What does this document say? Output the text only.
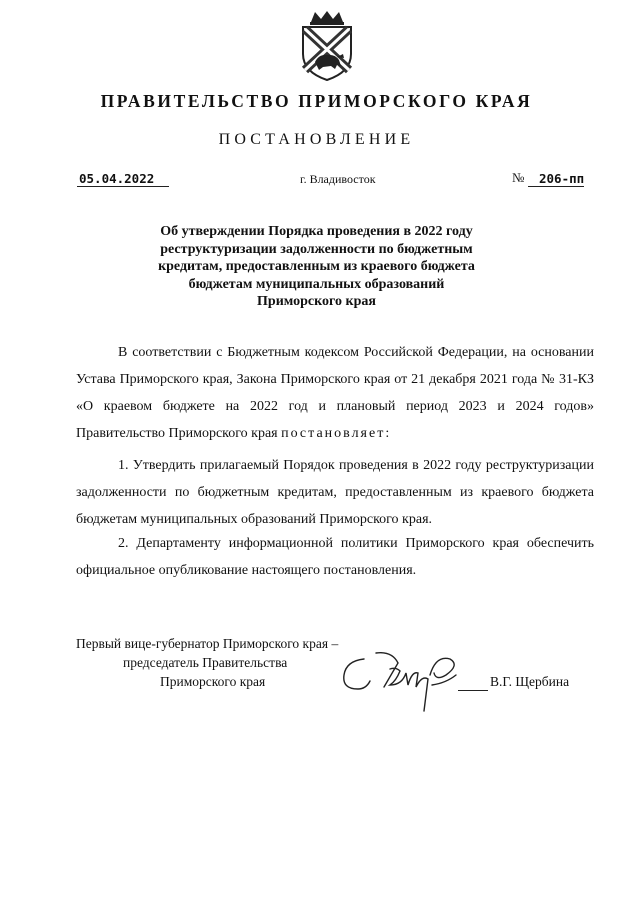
ПРАВИТЕЛЬСТВО ПРИМОРСКОГО КРАЯ
ПОСТАНОВЛЕНИЕ
05.04.2022	г. Владивосток	№ 206-пп
Об утверждении Порядка проведения в 2022 году
реструктуризации задолженности по бюджетным
кредитам, предоставленным из краевого бюджета
бюджетам муниципальных образований
Приморского края
В соответствии с Бюджетным кодексом Российской Федерации, на основании Устава Приморского края, Закона Приморского края от 21 декабря 2021 года № 31-КЗ «О краевом бюджете на 2022 год и плановый период 2023 и 2024 годов» Правительство Приморского края постановляет:
1. Утвердить прилагаемый Порядок проведения в 2022 году реструктуризации задолженности по бюджетным кредитам, предоставленным из краевого бюджета бюджетам муниципальных образований Приморского края.
2. Департаменту информационной политики Приморского края обеспечить официальное опубликование настоящего постановления.
Первый вице-губернатор Приморского края –
председатель Правительства
Приморского края	В.Г. Щербина
